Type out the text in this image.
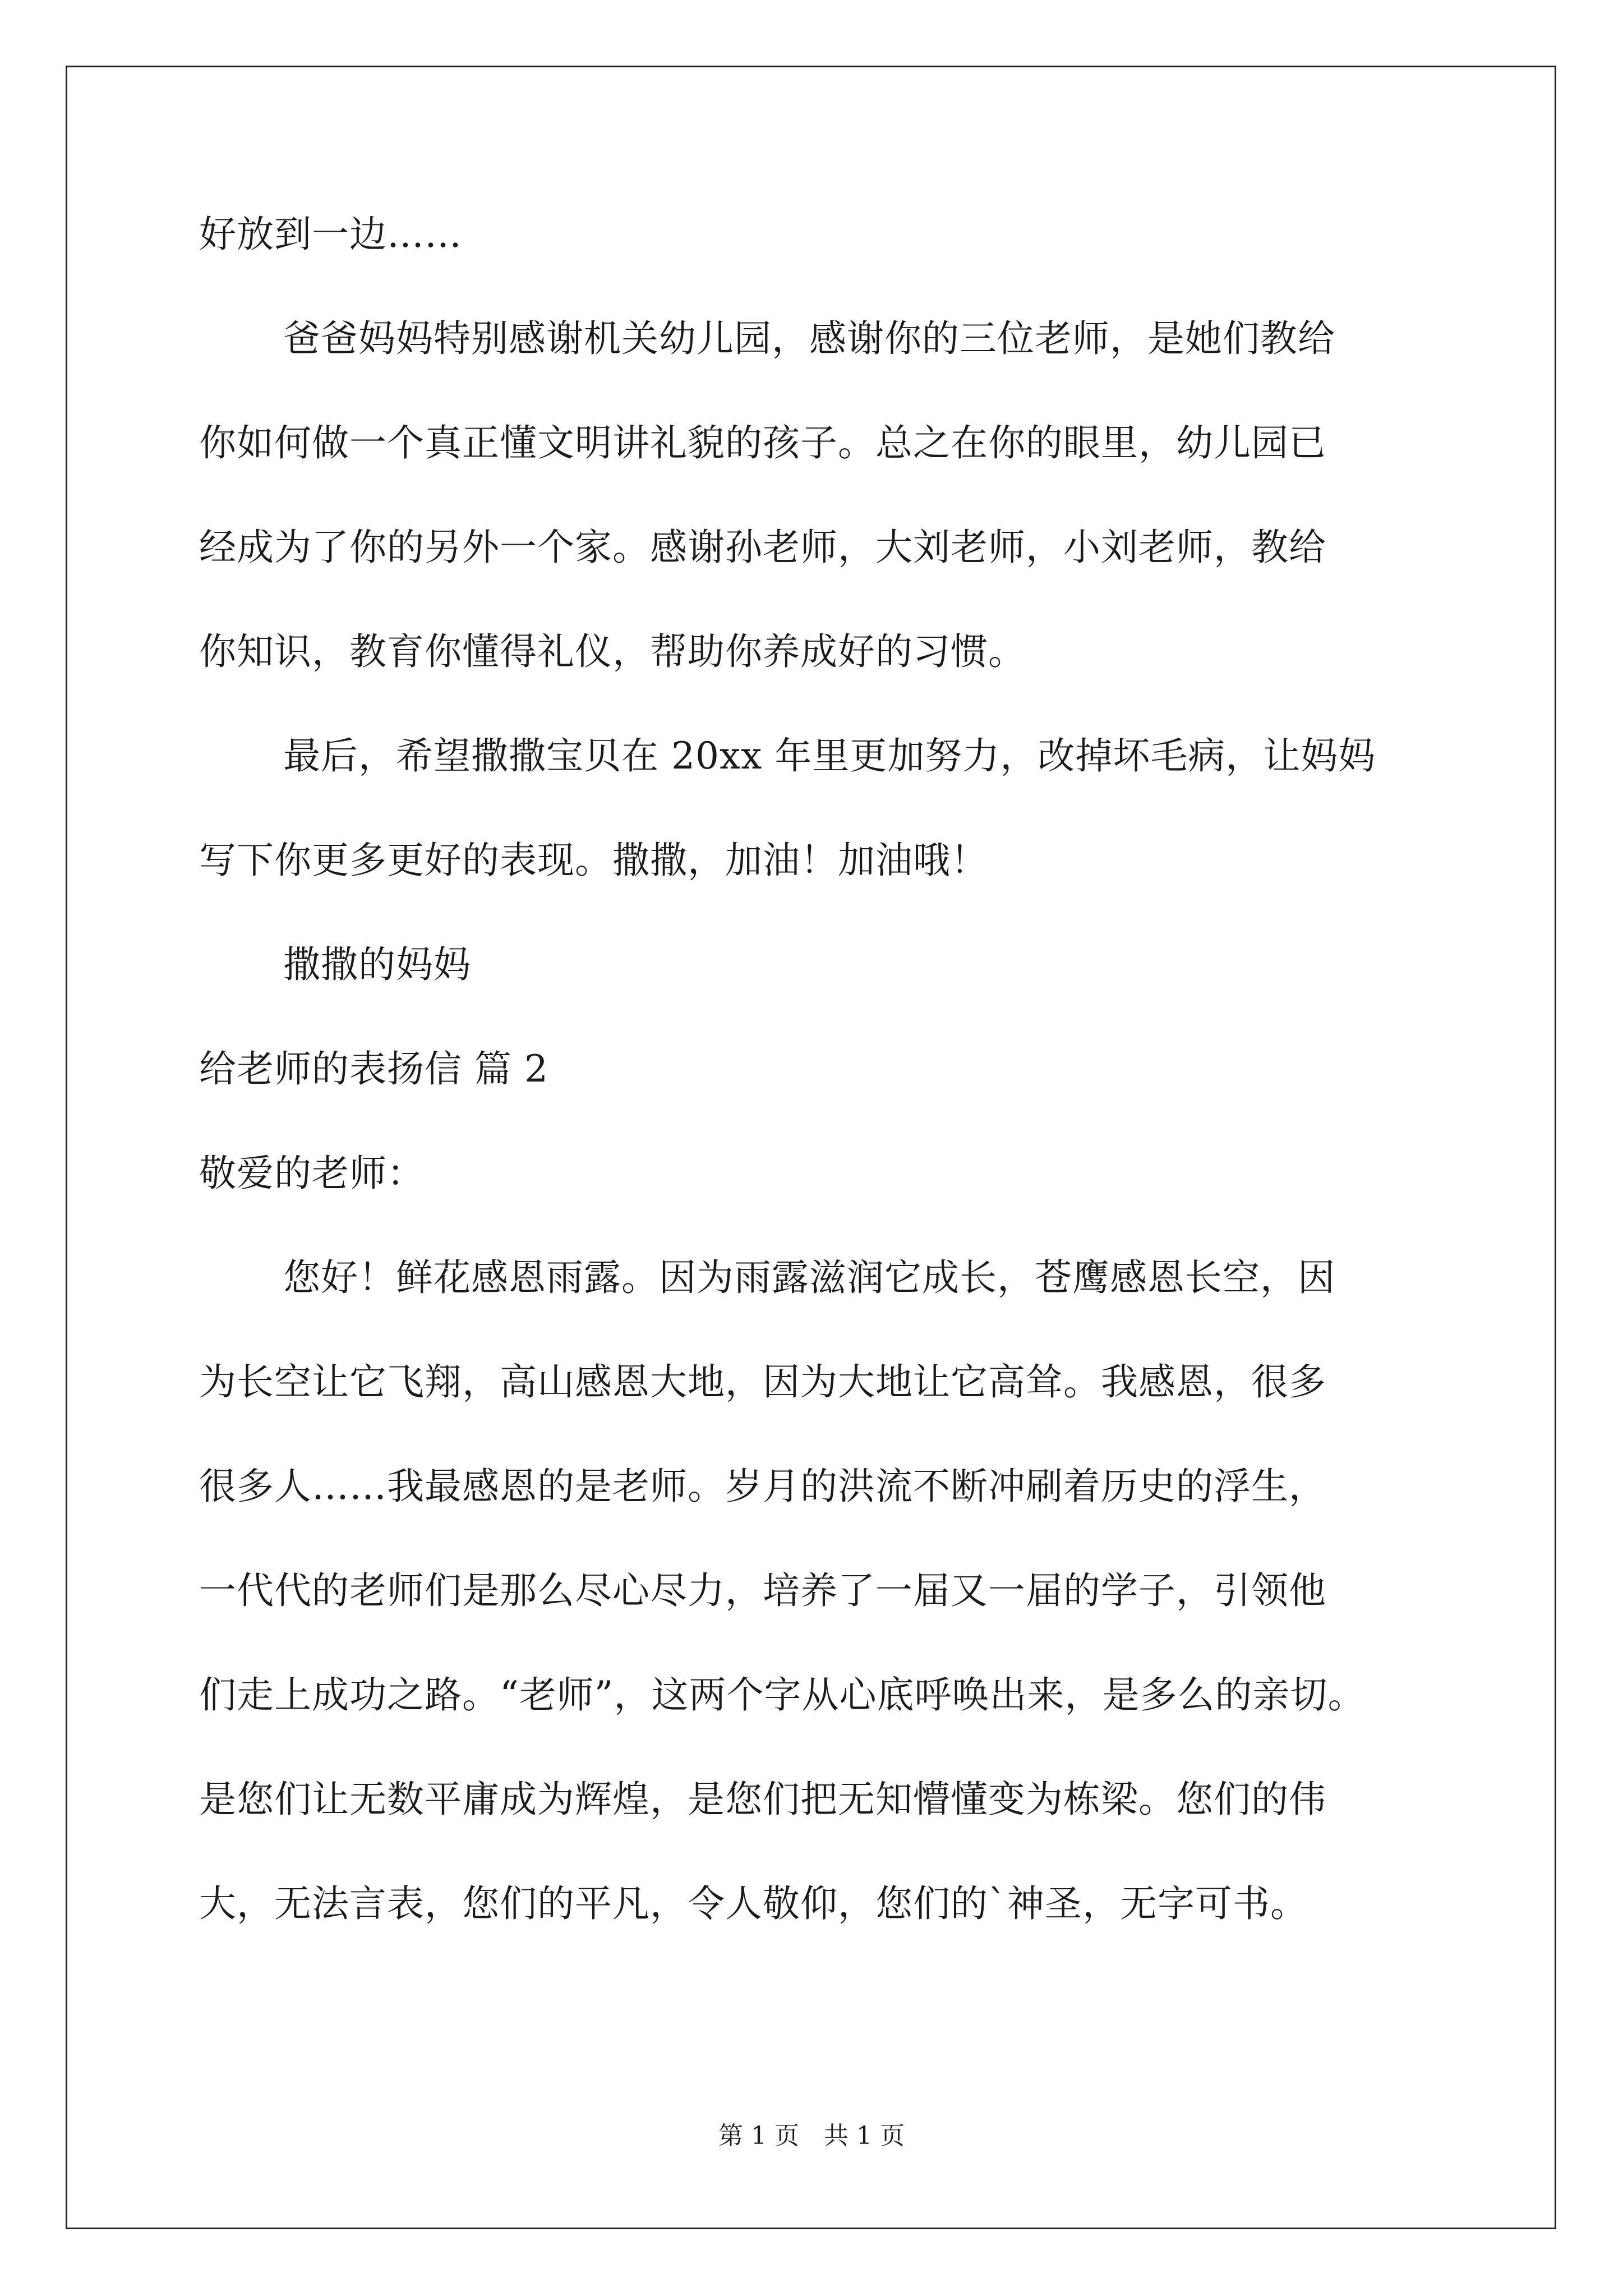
好放到一边……

爸爸妈妈特别感谢机关幼儿园，感谢你的三位老师，是她们教给

你如何做一个真正懂文明讲礼貌的孩子。总之在你的眼里，幼儿园已

经成为了你的另外一个家。感谢孙老师，大刘老师，小刘老师，教给

你知识，教育你懂得礼仪，帮助你养成好的习惯。

最后，希望撒撒宝贝在 20xx 年里更加努力，改掉坏毛病，让妈妈

写下你更多更好的表现。撒撒，加油！加油哦！

撒撒的妈妈

给老师的表扬信 篇 2

敬爱的老师：

您好！鲜花感恩雨露。因为雨露滋润它成长，苍鹰感恩长空，因

为长空让它飞翔，高山感恩大地，因为大地让它高耸。我感恩，很多

很多人……我最感恩的是老师。岁月的洪流不断冲刷着历史的浮生，

一代代的老师们是那么尽心尽力，培养了一届又一届的学子，引领他

们走上成功之路。“老师”，这两个字从心底呼唤出来，是多么的亲切。

是您们让无数平庸成为辉煌，是您们把无知懵懂变为栋梁。您们的伟

大，无法言表，您们的平凡，令人敬仰，您们的`神圣，无字可书。

第 1 页　共 1 页
